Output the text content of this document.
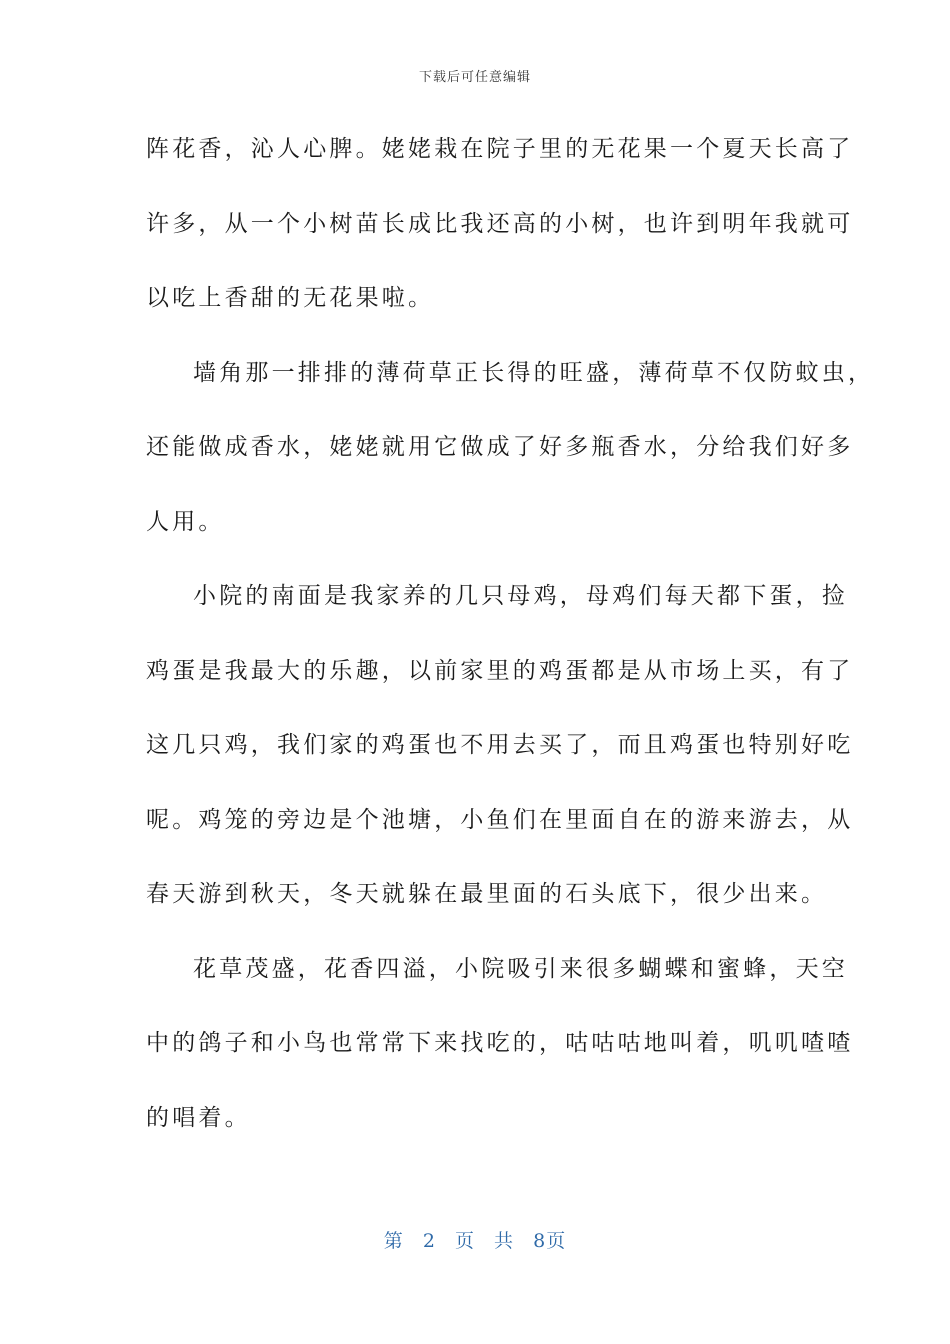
下载后可任意编辑
阵花香，沁人心脾。姥姥栽在院子里的无花果一个夏天长高了
许多，从一个小树苗长成比我还高的小树，也许到明年我就可
以吃上香甜的无花果啦。
墙角那一排排的薄荷草正长得的旺盛，薄荷草不仅防蚊虫，
还能做成香水，姥姥就用它做成了好多瓶香水，分给我们好多
人用。
小院的南面是我家养的几只母鸡，母鸡们每天都下蛋，捡
鸡蛋是我最大的乐趣，以前家里的鸡蛋都是从市场上买，有了
这几只鸡，我们家的鸡蛋也不用去买了，而且鸡蛋也特别好吃
呢。鸡笼的旁边是个池塘，小鱼们在里面自在的游来游去，从
春天游到秋天，冬天就躲在最里面的石头底下，很少出来。
花草茂盛，花香四溢，小院吸引来很多蝴蝶和蜜蜂，天空
中的鸽子和小鸟也常常下来找吃的，咕咕咕地叫着，叽叽喳喳
的唱着。
第 2 页 共 8页
